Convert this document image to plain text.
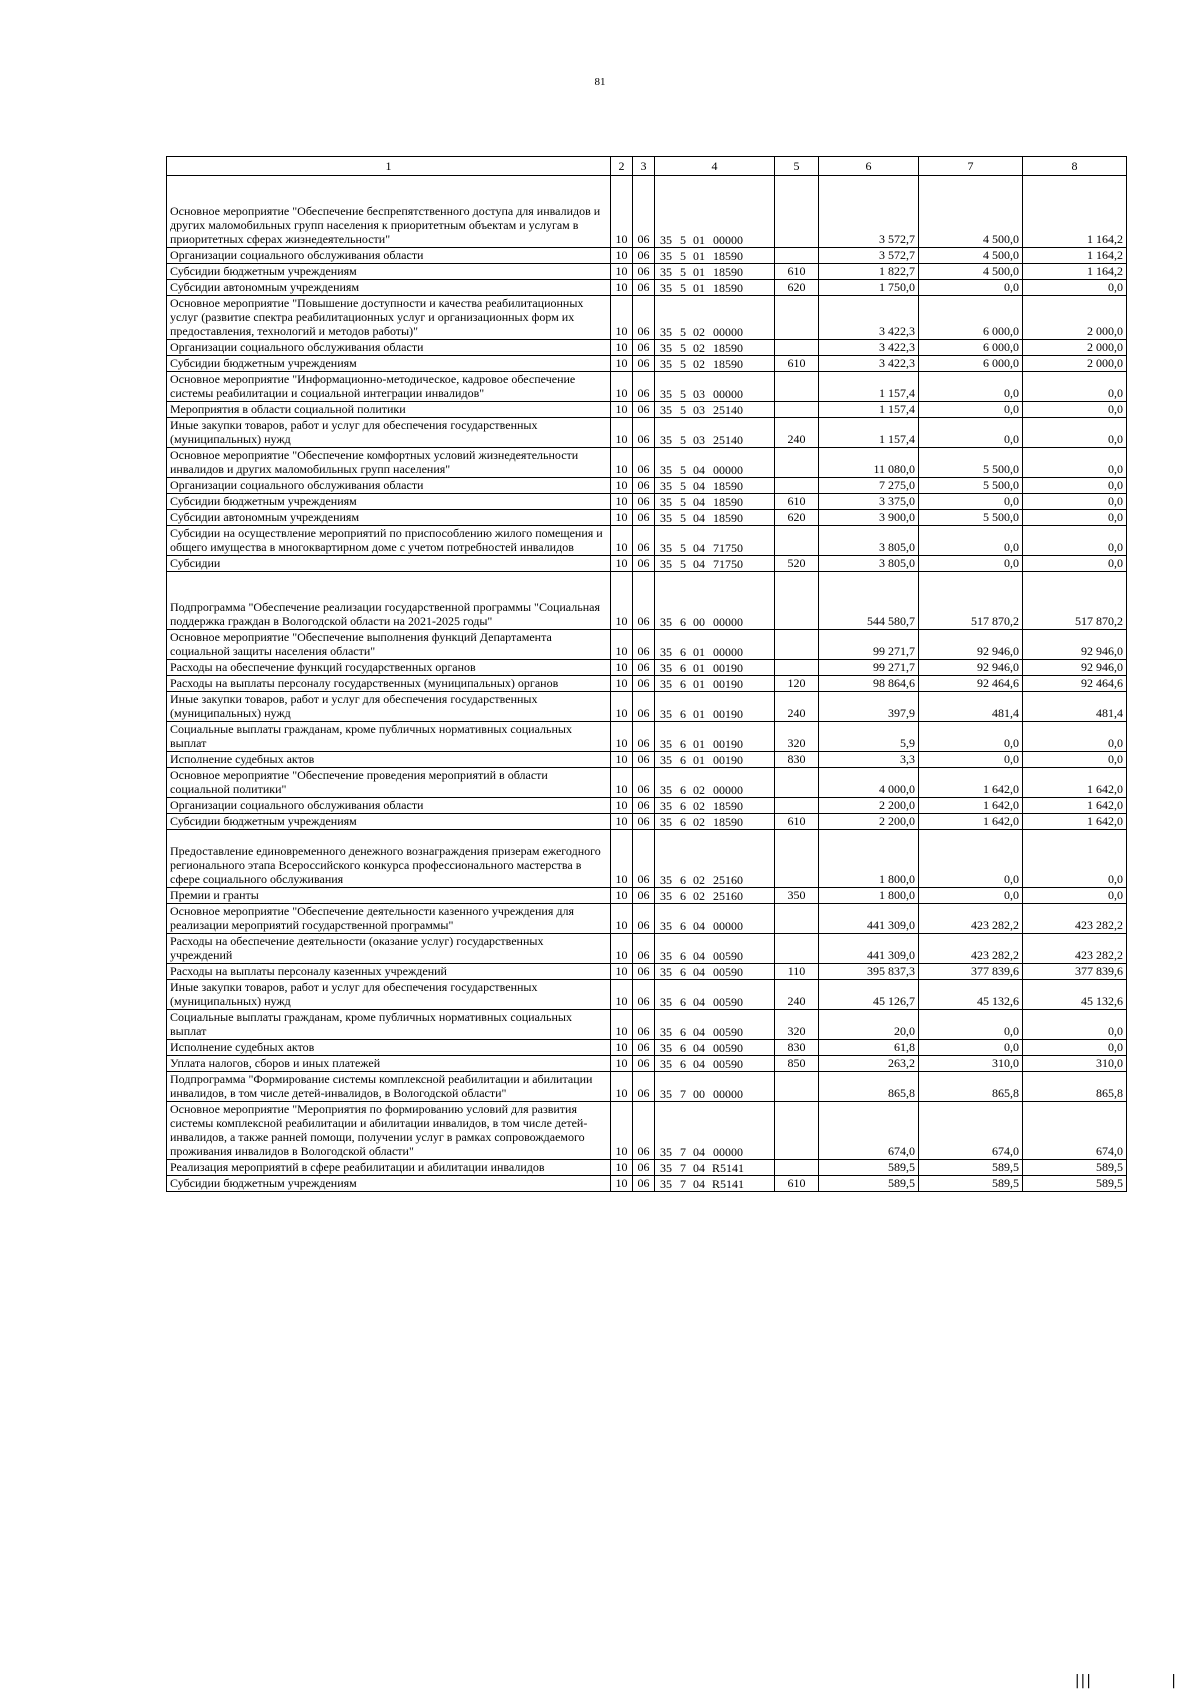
81
1	2	3	4	5	6	7	8

Основное мероприятие "Обеспечение беспрепятственного доступа для инвалидов и других маломобильных групп населения к приоритетным объектам и услугам в приоритетных сферах жизнедеятельности"	10	06	35 5 01 00000		3 572,7	4 500,0	1 164,2
Организации социального обслуживания области	10	06	35 5 01 18590		3 572,7	4 500,0	1 164,2
Субсидии бюджетным учреждениям	10	06	35 5 01 18590	610	1 822,7	4 500,0	1 164,2
Субсидии автономным учреждениям	10	06	35 5 01 18590	620	1 750,0	0,0	0,0
Основное мероприятие "Повышение доступности и качества реабилитационных услуг (развитие спектра реабилитационных услуг и организационных форм их предоставления, технологий и методов работы)"	10	06	35 5 02 00000		3 422,3	6 000,0	2 000,0
Организации социального обслуживания области	10	06	35 5 02 18590		3 422,3	6 000,0	2 000,0
Субсидии бюджетным учреждениям	10	06	35 5 02 18590	610	3 422,3	6 000,0	2 000,0
Основное мероприятие "Информационно-методическое, кадровое обеспечение системы реабилитации и социальной интеграции инвалидов"	10	06	35 5 03 00000		1 157,4	0,0	0,0
Мероприятия в области социальной политики	10	06	35 5 03 25140		1 157,4	0,0	0,0
Иные закупки товаров, работ и услуг для обеспечения государственных (муниципальных) нужд	10	06	35 5 03 25140	240	1 157,4	0,0	0,0
Основное мероприятие "Обеспечение комфортных условий жизнедеятельности инвалидов и других маломобильных групп населения"	10	06	35 5 04 00000		11 080,0	5 500,0	0,0
Организации социального обслуживания области	10	06	35 5 04 18590		7 275,0	5 500,0	0,0
Субсидии бюджетным учреждениям	10	06	35 5 04 18590	610	3 375,0	0,0	0,0
Субсидии автономным учреждениям	10	06	35 5 04 18590	620	3 900,0	5 500,0	0,0
Субсидии на осуществление мероприятий по приспособлению жилого помещения и общего имущества в многоквартирном доме с учетом потребностей инвалидов	10	06	35 5 04 71750		3 805,0	0,0	0,0
Субсидии	10	06	35 5 04 71750	520	3 805,0	0,0	0,0

Подпрограмма "Обеспечение реализации государственной программы "Социальная поддержка граждан в Вологодской области на 2021-2025 годы"	10	06	35 6 00 00000		544 580,7	517 870,2	517 870,2
Основное мероприятие "Обеспечение выполнения функций Департамента социальной защиты населения области"	10	06	35 6 01 00000		99 271,7	92 946,0	92 946,0
Расходы на обеспечение функций государственных органов	10	06	35 6 01 00190		99 271,7	92 946,0	92 946,0
Расходы на выплаты персоналу государственных (муниципальных) органов	10	06	35 6 01 00190	120	98 864,6	92 464,6	92 464,6
Иные закупки товаров, работ и услуг для обеспечения государственных (муниципальных) нужд	10	06	35 6 01 00190	240	397,9	481,4	481,4
Социальные выплаты гражданам, кроме публичных нормативных социальных выплат	10	06	35 6 01 00190	320	5,9	0,0	0,0
Исполнение судебных актов	10	06	35 6 01 00190	830	3,3	0,0	0,0
Основное мероприятие "Обеспечение проведения мероприятий в области социальной политики"	10	06	35 6 02 00000		4 000,0	1 642,0	1 642,0
Организации социального обслуживания области	10	06	35 6 02 18590		2 200,0	1 642,0	1 642,0
Субсидии бюджетным учреждениям	10	06	35 6 02 18590	610	2 200,0	1 642,0	1 642,0

Предоставление единовременного денежного вознаграждения призерам ежегодного регионального этапа Всероссийского конкурса профессионального мастерства в сфере социального обслуживания	10	06	35 6 02 25160		1 800,0	0,0	0,0
Премии и гранты	10	06	35 6 02 25160	350	1 800,0	0,0	0,0
Основное мероприятие "Обеспечение деятельности казенного учреждения для реализации мероприятий государственной программы"	10	06	35 6 04 00000		441 309,0	423 282,2	423 282,2
Расходы на обеспечение деятельности (оказание услуг) государственных учреждений	10	06	35 6 04 00590		441 309,0	423 282,2	423 282,2
Расходы на выплаты персоналу казенных учреждений	10	06	35 6 04 00590	110	395 837,3	377 839,6	377 839,6
Иные закупки товаров, работ и услуг для обеспечения государственных (муниципальных) нужд	10	06	35 6 04 00590	240	45 126,7	45 132,6	45 132,6
Социальные выплаты гражданам, кроме публичных нормативных социальных выплат	10	06	35 6 04 00590	320	20,0	0,0	0,0
Исполнение судебных актов	10	06	35 6 04 00590	830	61,8	0,0	0,0
Уплата налогов, сборов и иных платежей	10	06	35 6 04 00590	850	263,2	310,0	310,0
Подпрограмма "Формирование системы комплексной реабилитации и абилитации инвалидов, в том числе детей-инвалидов, в Вологодской области"	10	06	35 7 00 00000		865,8	865,8	865,8
Основное мероприятие "Мероприятия по формированию условий для развития системы комплексной реабилитации и абилитации инвалидов, в том числе детей-инвалидов, а также ранней помощи, получении услуг в рамках сопровождаемого проживания инвалидов в Вологодской области"	10	06	35 7 04 00000		674,0	674,0	674,0
Реализация мероприятий в сфере реабилитации и абилитации инвалидов	10	06	35 7 04 R5141		589,5	589,5	589,5
Субсидии бюджетным учреждениям	10	06	35 7 04 R5141	610	589,5	589,5	589,5
|||	|
